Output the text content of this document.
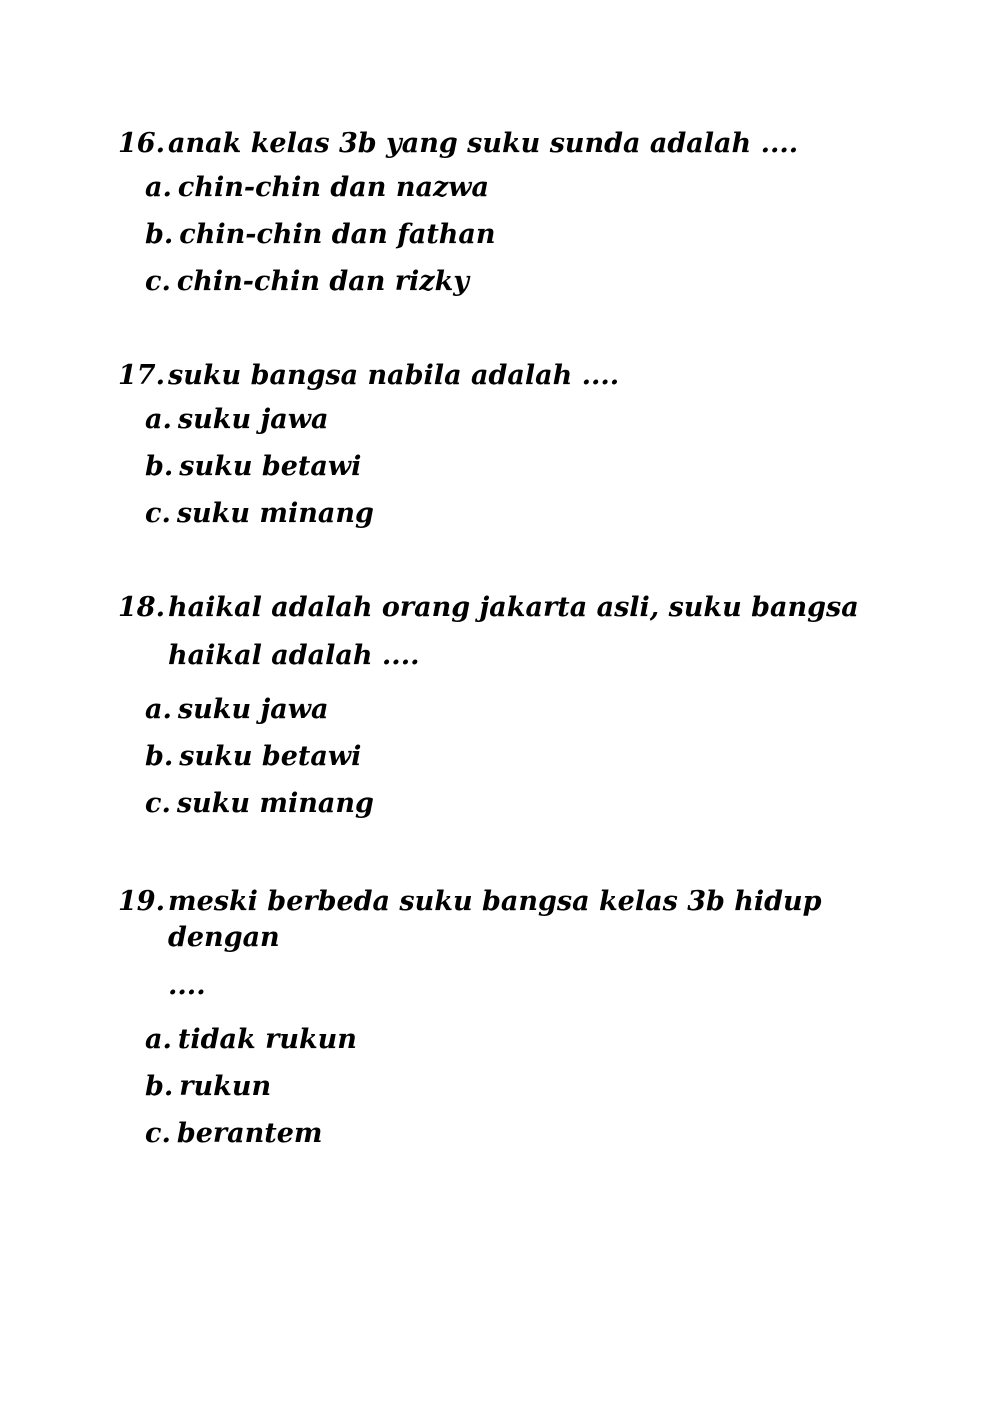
16. anak kelas 3b yang suku sunda adalah ....
a. chin-chin dan nazwa
b. chin-chin dan fathan
c. chin-chin dan rizky
17. suku bangsa nabila adalah ....
a. suku jawa
b. suku betawi
c. suku minang
18. haikal adalah orang jakarta asli, suku bangsa
haikal adalah ....
a. suku jawa
b. suku betawi
c. suku minang
19. meski berbeda suku bangsa kelas 3b hidup dengan
....
a. tidak rukun
b. rukun
c. berantem
